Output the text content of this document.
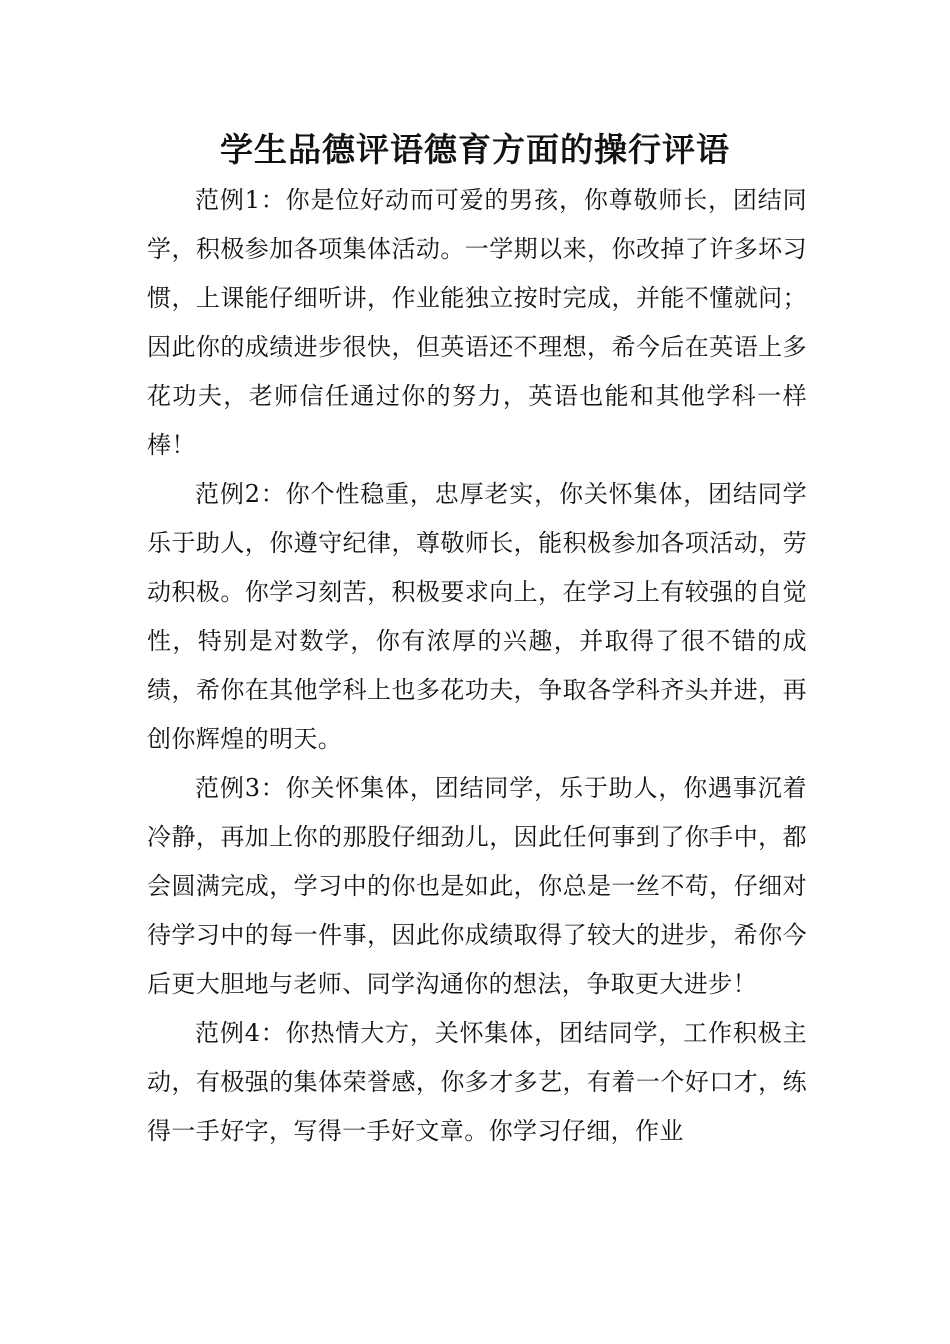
学生品德评语德育方面的操行评语

范例1：你是位好动而可爱的男孩，你尊敬师长，团结同学，积极参加各项集体活动。一学期以来，你改掉了许多坏习惯，上课能仔细听讲，作业能独立按时完成，并能不懂就问；因此你的成绩进步很快，但英语还不理想，希今后在英语上多花功夫，老师信任通过你的努力，英语也能和其他学科一样棒！

范例2：你个性稳重，忠厚老实，你关怀集体，团结同学乐于助人，你遵守纪律，尊敬师长，能积极参加各项活动，劳动积极。你学习刻苦，积极要求向上，在学习上有较强的自觉性，特别是对数学，你有浓厚的兴趣，并取得了很不错的成绩，希你在其他学科上也多花功夫，争取各学科齐头并进，再创你辉煌的明天。

范例3：你关怀集体，团结同学，乐于助人，你遇事沉着冷静，再加上你的那股仔细劲儿，因此任何事到了你手中，都会圆满完成，学习中的你也是如此，你总是一丝不苟，仔细对待学习中的每一件事，因此你成绩取得了较大的进步，希你今后更大胆地与老师、同学沟通你的想法，争取更大进步！

范例4：你热情大方，关怀集体，团结同学，工作积极主动，有极强的集体荣誉感，你多才多艺，有着一个好口才，练得一手好字，写得一手好文章。你学习仔细，作业
